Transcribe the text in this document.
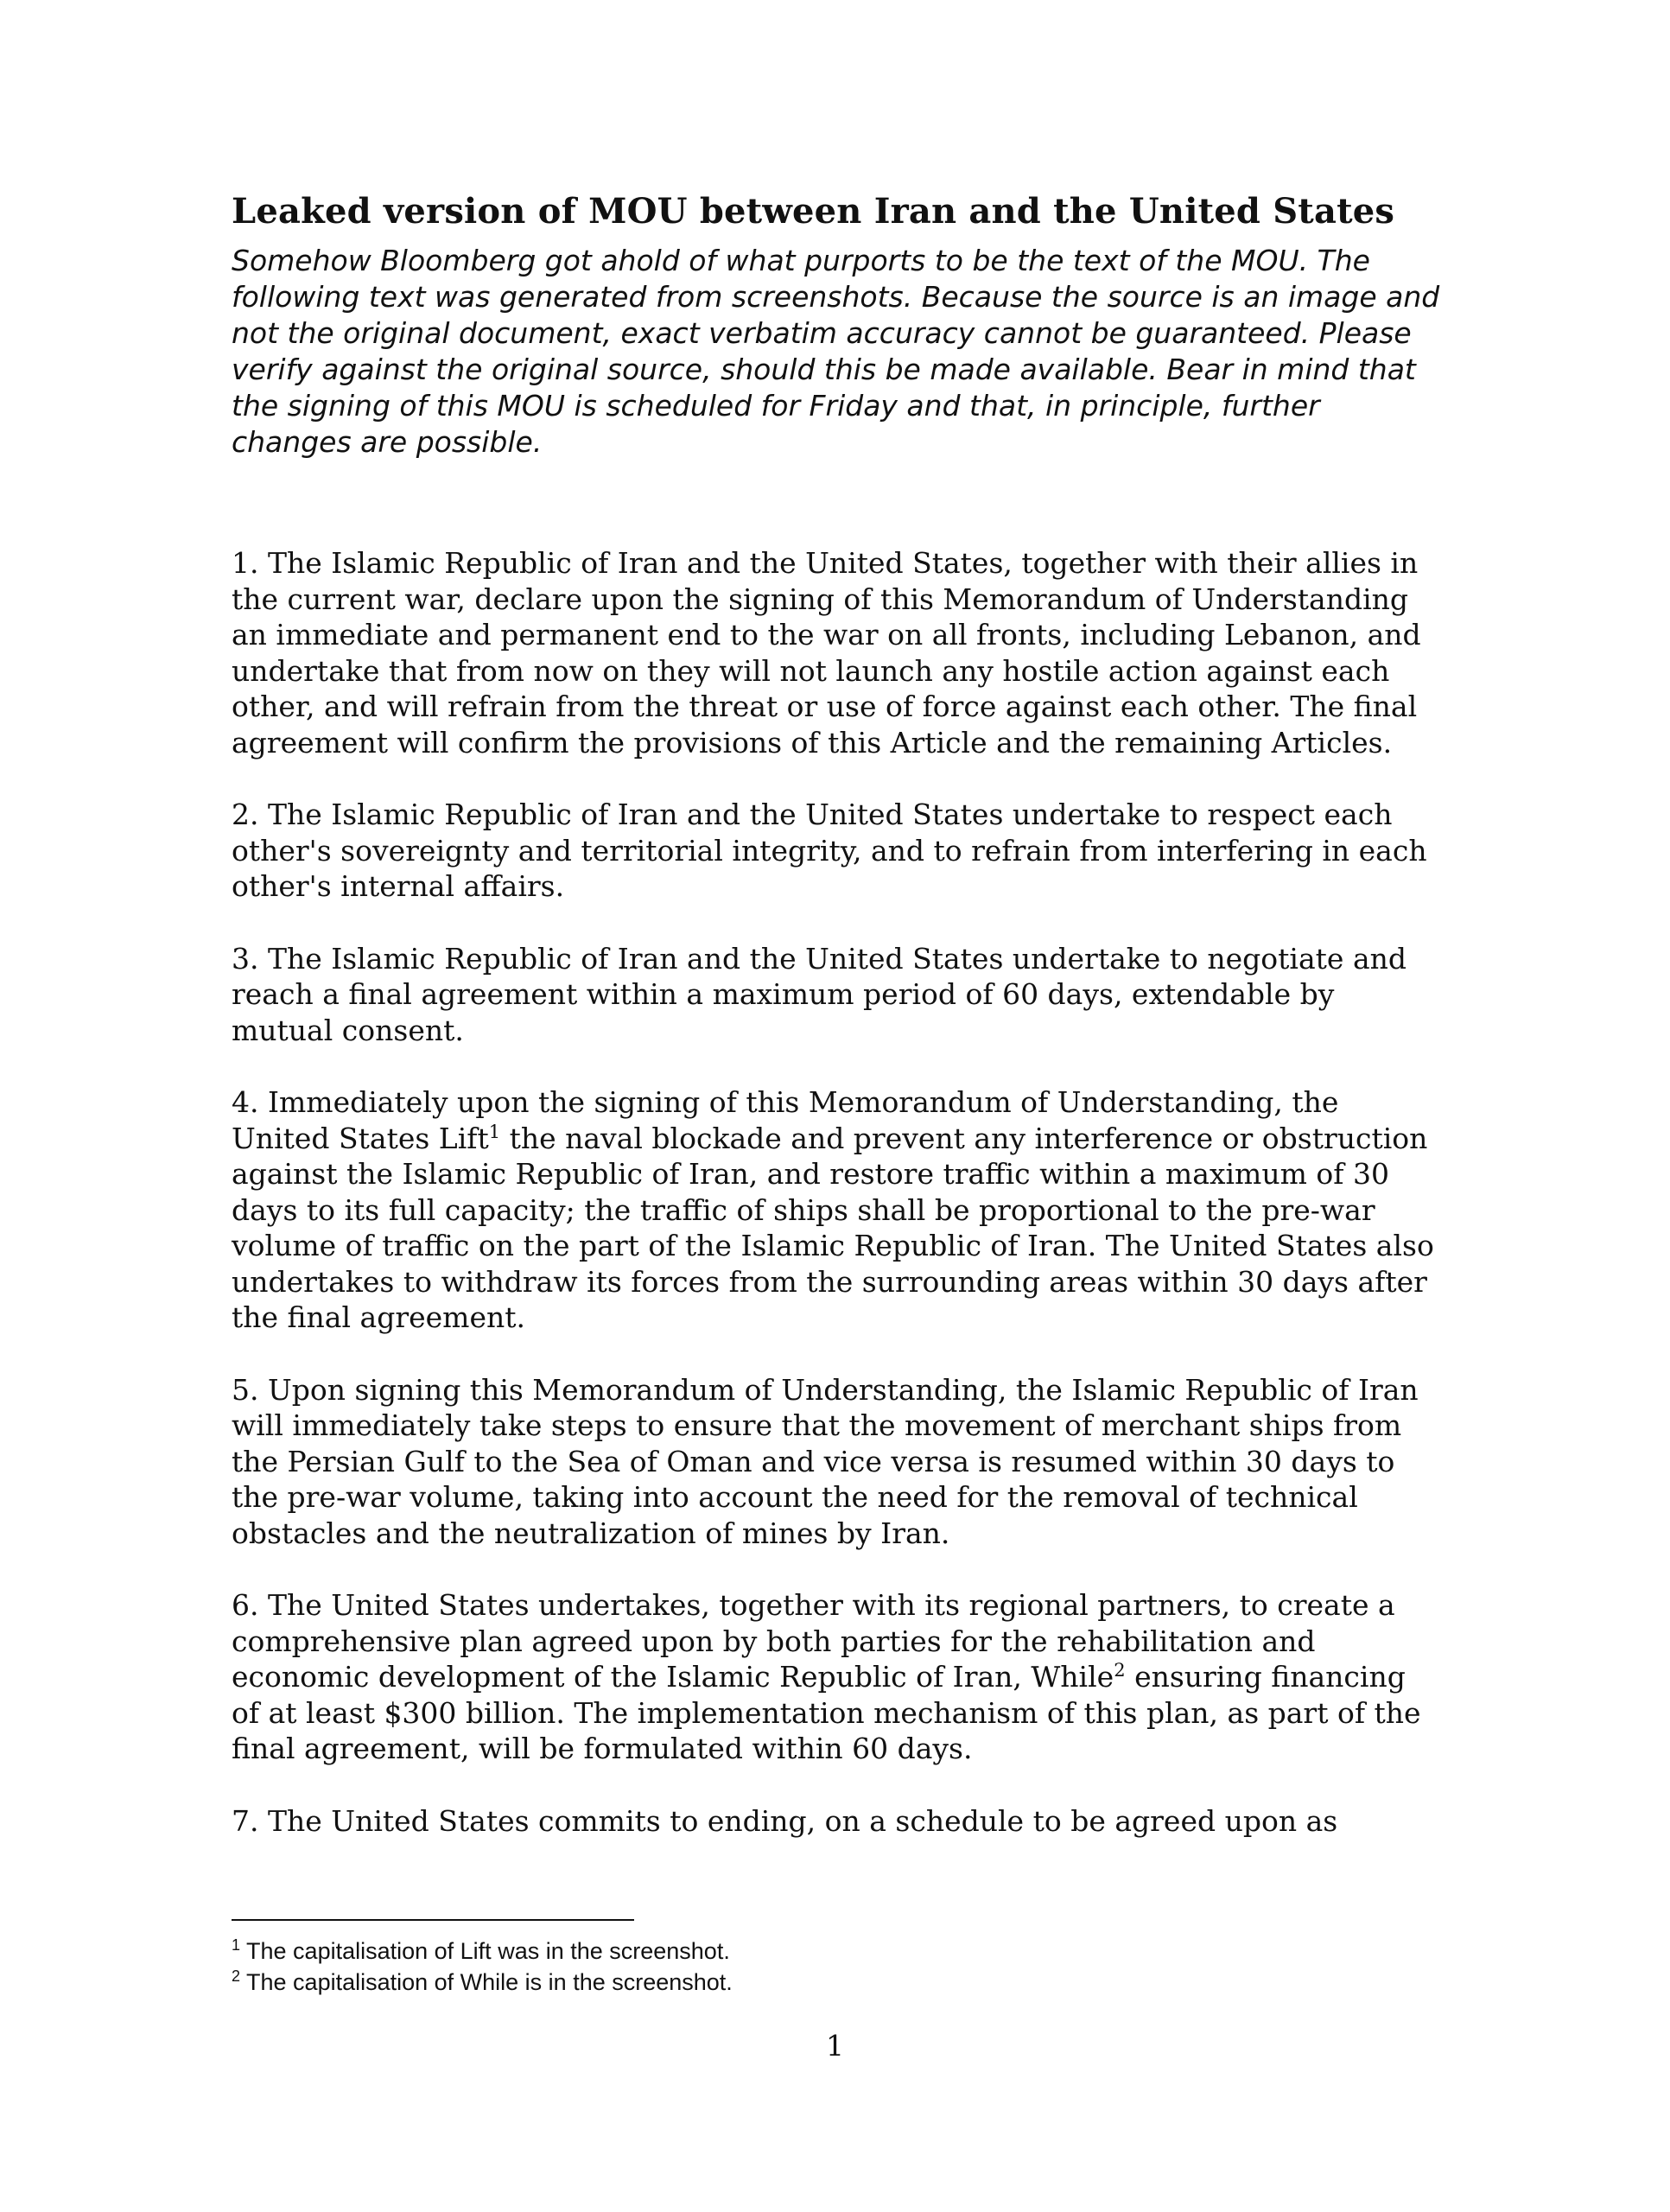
Leaked version of MOU between Iran and the United States

Somehow Bloomberg got ahold of what purports to be the text of the MOU. The following text was generated from screenshots. Because the source is an image and not the original document, exact verbatim accuracy cannot be guaranteed. Please verify against the original source, should this be made available. Bear in mind that the signing of this MOU is scheduled for Friday and that, in principle, further changes are possible.

1. The Islamic Republic of Iran and the United States, together with their allies in the current war, declare upon the signing of this Memorandum of Understanding an immediate and permanent end to the war on all fronts, including Lebanon, and undertake that from now on they will not launch any hostile action against each other, and will refrain from the threat or use of force against each other. The final agreement will confirm the provisions of this Article and the remaining Articles.

2. The Islamic Republic of Iran and the United States undertake to respect each other's sovereignty and territorial integrity, and to refrain from interfering in each other's internal affairs.

3. The Islamic Republic of Iran and the United States undertake to negotiate and reach a final agreement within a maximum period of 60 days, extendable by mutual consent.

4. Immediately upon the signing of this Memorandum of Understanding, the United States Lift$^1$ the naval blockade and prevent any interference or obstruction against the Islamic Republic of Iran, and restore traffic within a maximum of 30 days to its full capacity; the traffic of ships shall be proportional to the pre-war volume of traffic on the part of the Islamic Republic of Iran. The United States also undertakes to withdraw its forces from the surrounding areas within 30 days after the final agreement.

5. Upon signing this Memorandum of Understanding, the Islamic Republic of Iran will immediately take steps to ensure that the movement of merchant ships from the Persian Gulf to the Sea of Oman and vice versa is resumed within 30 days to the pre-war volume, taking into account the need for the removal of technical obstacles and the neutralization of mines by Iran.

6. The United States undertakes, together with its regional partners, to create a comprehensive plan agreed upon by both parties for the rehabilitation and economic development of the Islamic Republic of Iran, While$^2$ ensuring financing of at least $300 billion. The implementation mechanism of this plan, as part of the final agreement, will be formulated within 60 days.

7. The United States commits to ending, on a schedule to be agreed upon as

$^1$ The capitalisation of Lift was in the screenshot.

$^2$ The capitalisation of While is in the screenshot.

1
